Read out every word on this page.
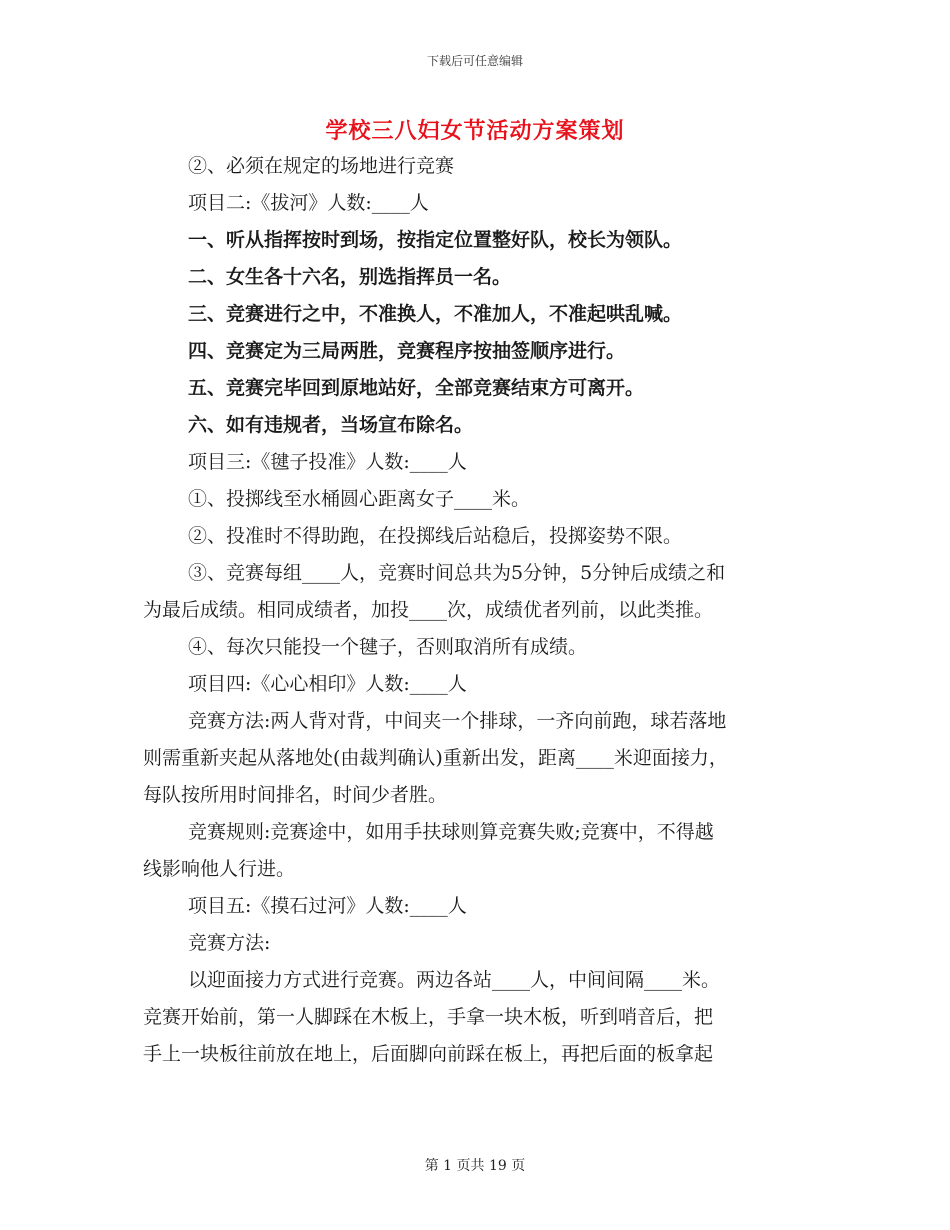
下载后可任意编辑
学校三八妇女节活动方案策划
②、必须在规定的场地进行竞赛
项目二:《拔河》人数:____人
一、听从指挥按时到场，按指定位置整好队，校长为领队。
二、女生各十六名，别选指挥员一名。
三、竞赛进行之中，不准换人，不准加人，不准起哄乱喊。
四、竞赛定为三局两胜，竞赛程序按抽签顺序进行。
五、竞赛完毕回到原地站好，全部竞赛结束方可离开。
六、如有违规者，当场宣布除名。
项目三:《毽子投准》人数:____人
①、投掷线至水桶圆心距离女子____米。
②、投准时不得助跑，在投掷线后站稳后，投掷姿势不限。
③、竞赛每组____人，竞赛时间总共为5分钟，5分钟后成绩之和
为最后成绩。相同成绩者，加投____次，成绩优者列前，以此类推。
④、每次只能投一个毽子，否则取消所有成绩。
项目四:《心心相印》人数:____人
竞赛方法:两人背对背，中间夹一个排球，一齐向前跑，球若落地
则需重新夹起从落地处(由裁判确认)重新出发，距离____米迎面接力，
每队按所用时间排名，时间少者胜。
竞赛规则:竞赛途中，如用手扶球则算竞赛失败;竞赛中，不得越
线影响他人行进。
项目五:《摸石过河》人数:____人
竞赛方法:
以迎面接力方式进行竞赛。两边各站____人，中间间隔____米。
竞赛开始前，第一人脚踩在木板上，手拿一块木板，听到哨音后，把
手上一块板往前放在地上，后面脚向前踩在板上，再把后面的板拿起
第 1 页共 19 页
